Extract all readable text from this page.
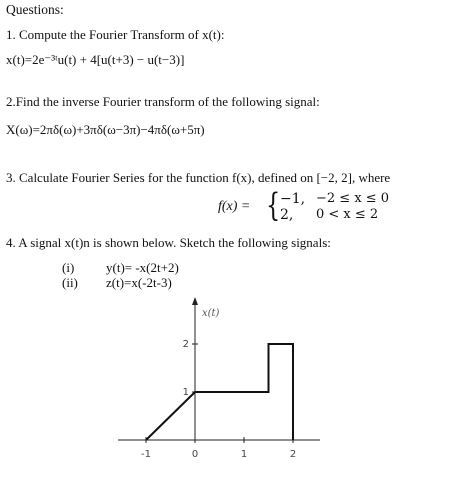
Questions:
1. Compute the Fourier Transform of x(t):
x(t)=2e⁻³ᵗu(t) + 4[u(t+3) − u(t−3)]
2.Find the inverse Fourier transform of the following signal:
X(ω)=2πδ(ω)+3πδ(ω−3π)−4πδ(ω+5π)
3. Calculate Fourier Series for the function f(x), defined on [−2, 2], where
f(x) = { −1, −2 ≤ x ≤ 0
2, 0 < x ≤ 2
4. A signal x(t)n is shown below. Sketch the following signals:
(i) y(t)= -x(2t+2)
(ii) z(t)=x(-2t-3)
x(t)
-1	0	1	2
1
2
